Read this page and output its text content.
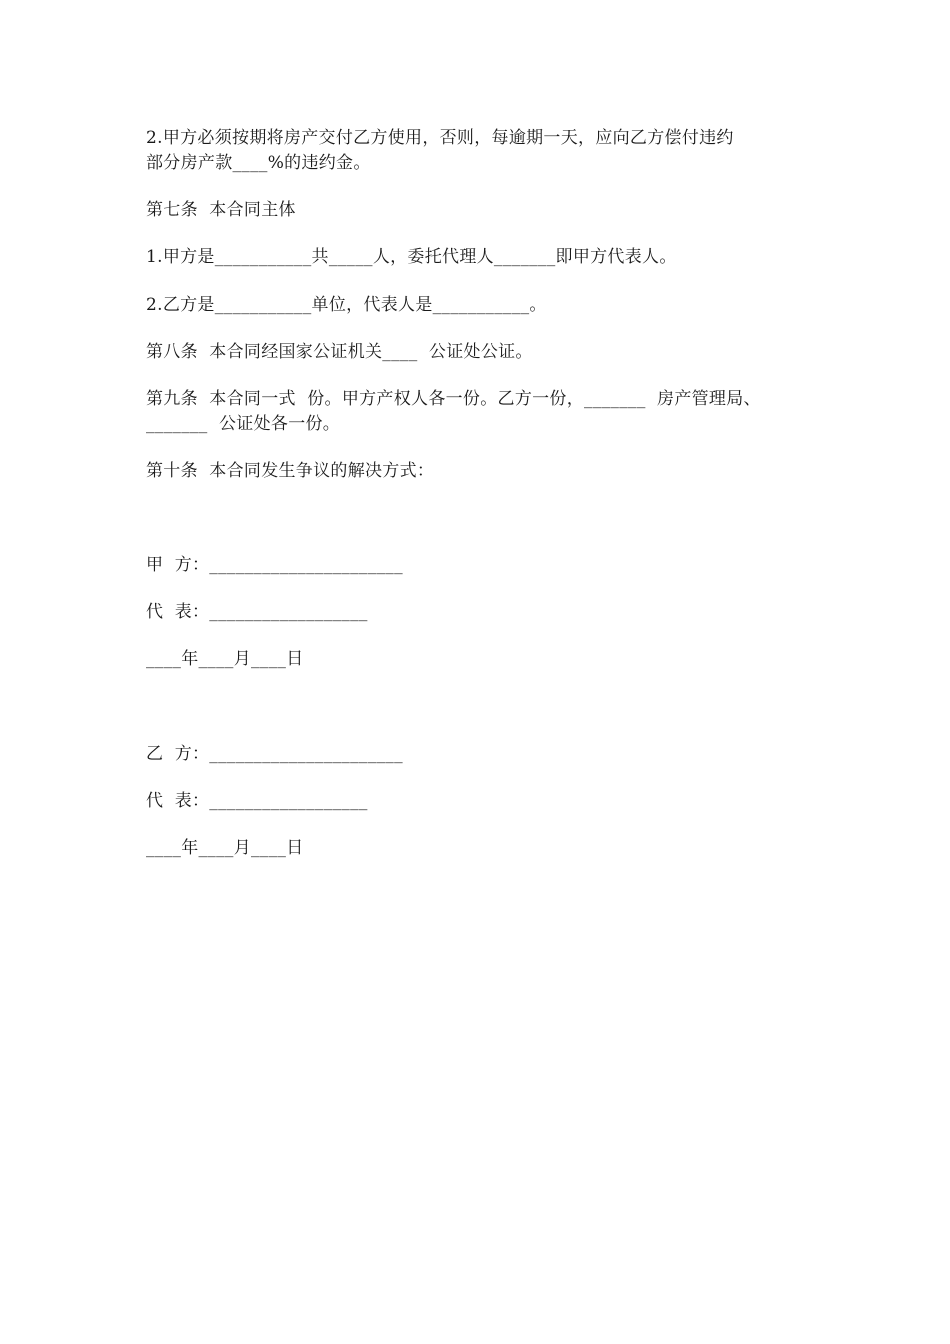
2.甲方必须按期将房产交付乙方使用，否则，每逾期一天，应向乙方偿付违约
部分房产款____%的违约金。
第七条  本合同主体
1.甲方是___________共_____人，委托代理人_______即甲方代表人。
2.乙方是___________单位，代表人是___________。
第八条  本合同经国家公证机关____  公证处公证。
第九条  本合同一式  份。甲方产权人各一份。乙方一份，_______  房产管理局、
_______  公证处各一份。
第十条  本合同发生争议的解决方式：
甲  方：______________________
代  表：__________________
____年____月____日
乙  方：______________________
代  表：__________________
____年____月____日
